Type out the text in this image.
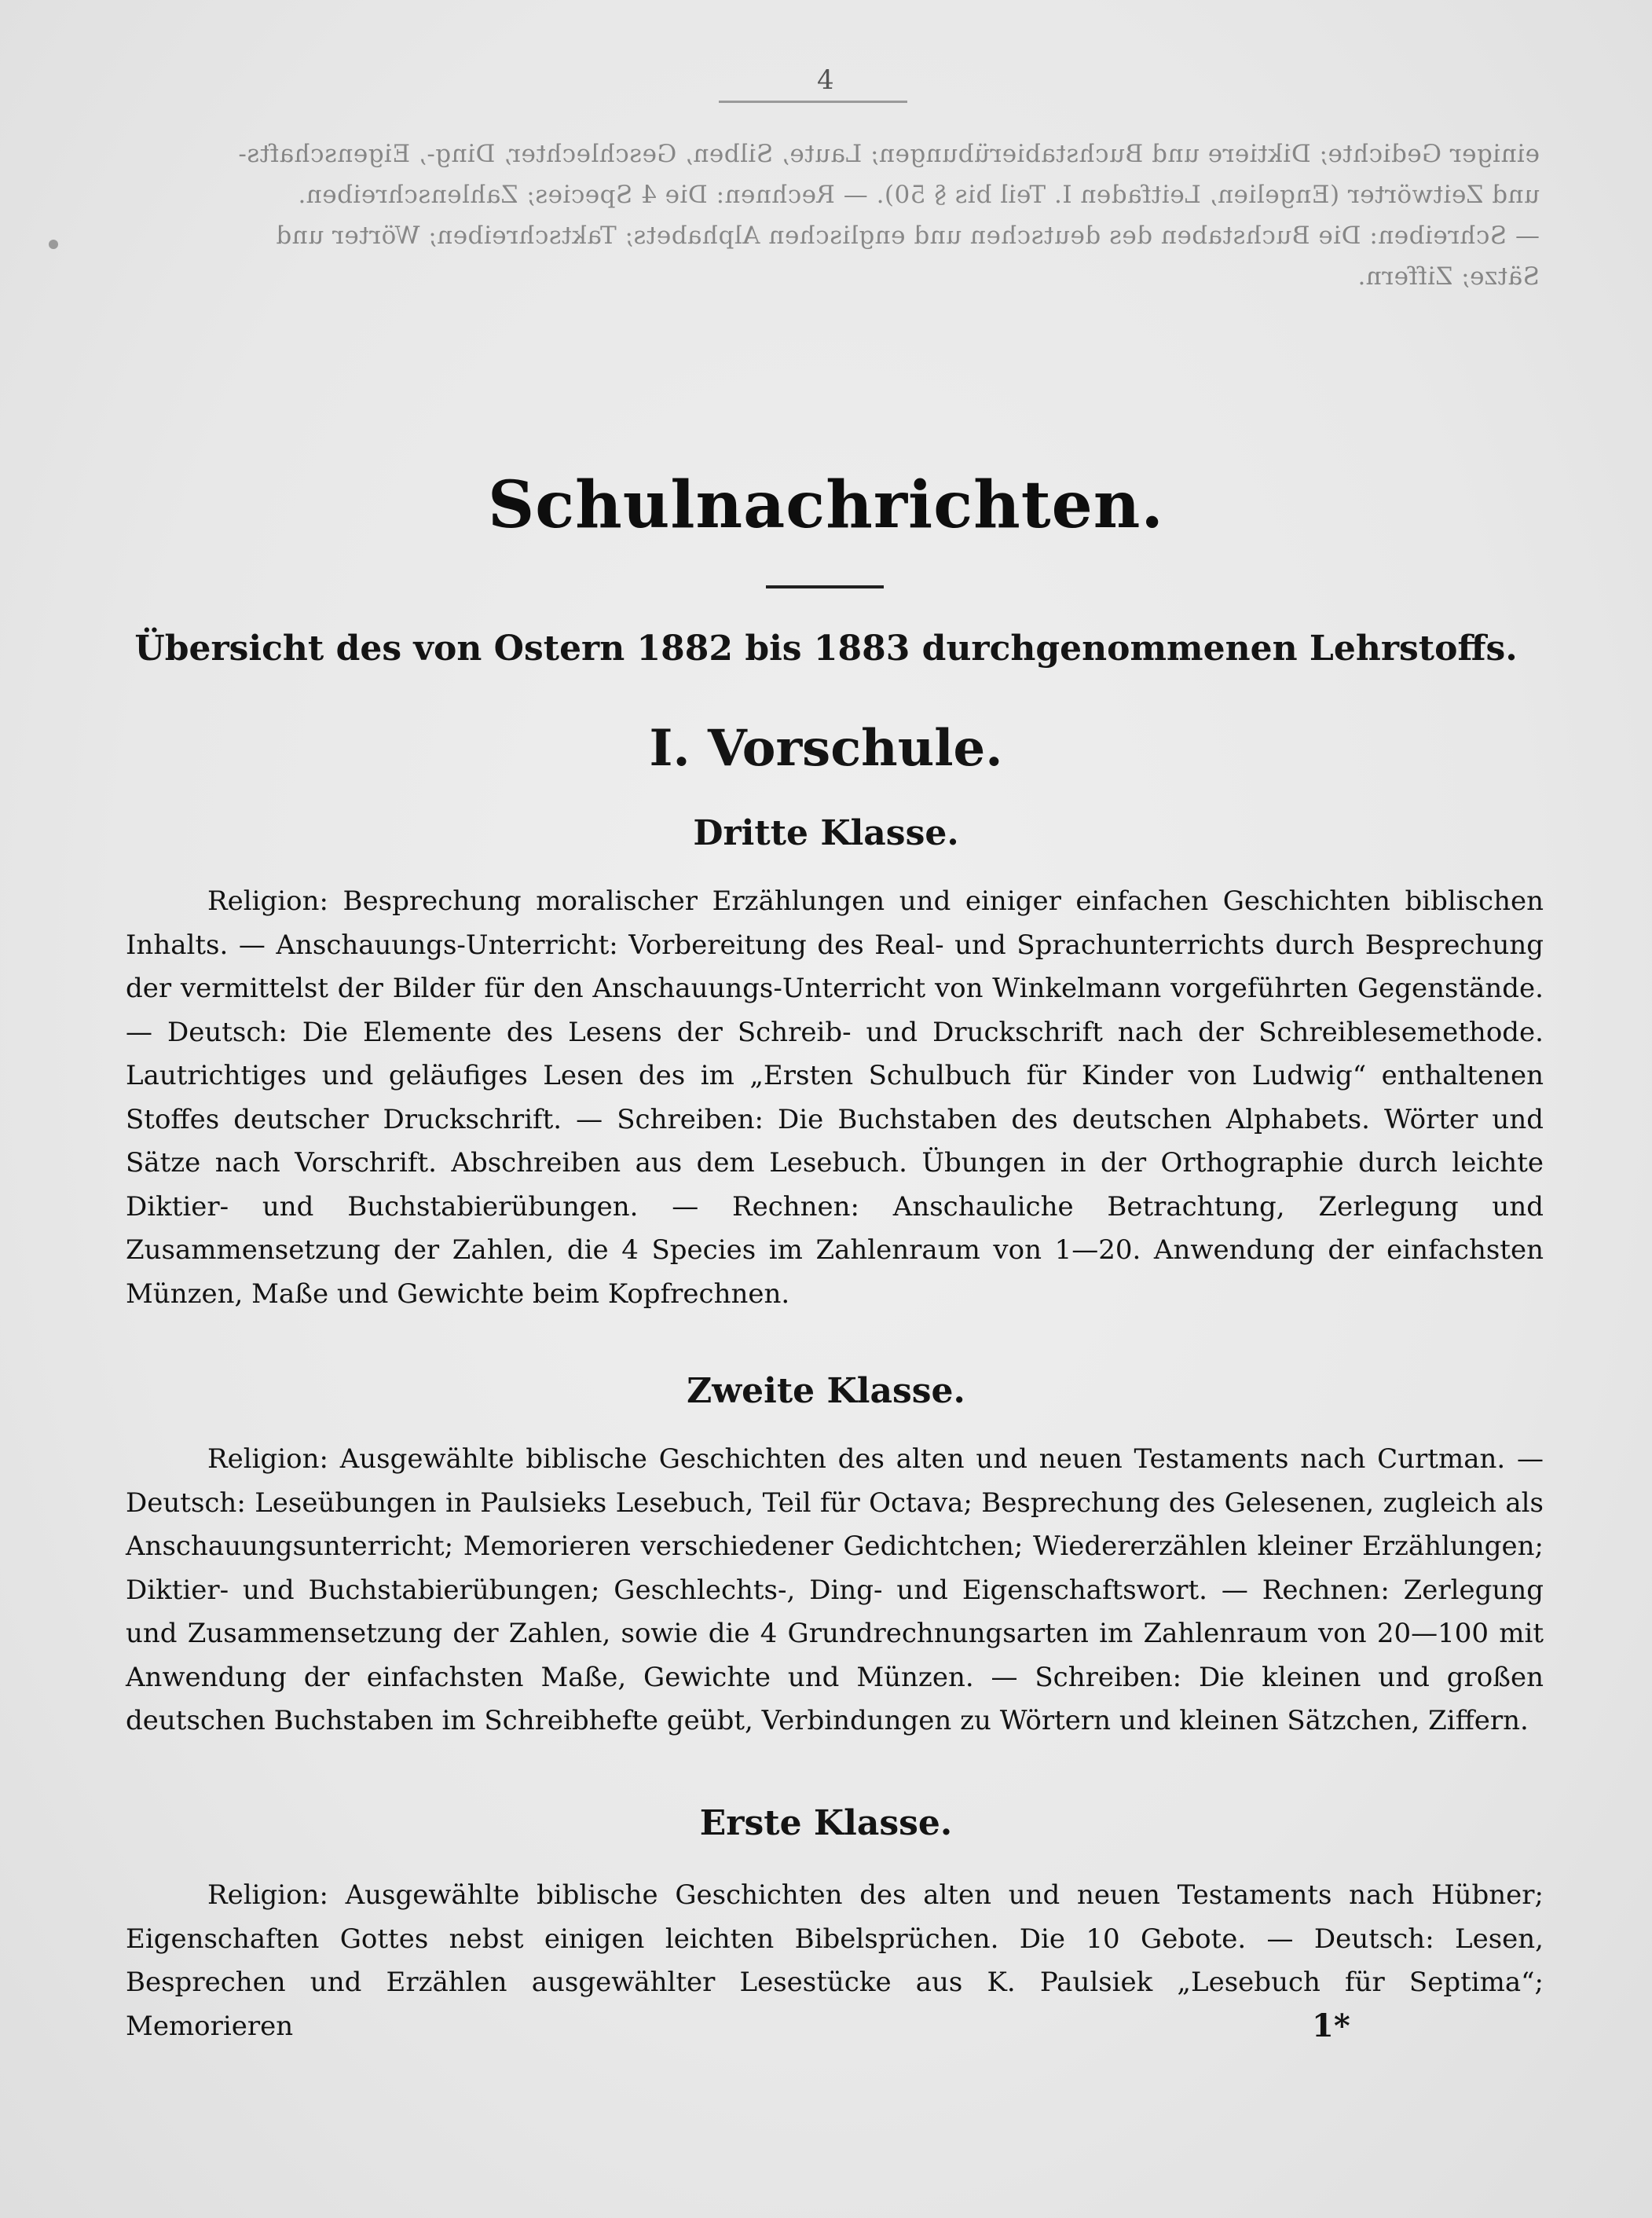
4
einiger Gedichte; Diktiere und Buchstabierübungen; Laute, Silben, Geschlechter, Ding-, Eigenschafts-
und Zeitwörter (Engelien, Leitfaden I. Teil bis § 50). — Rechnen: Die 4 Species; Zahlenschreiben.
— Schreiben: Die Buchstaben des deutschen und englischen Alphabets; Taktschreiben; Wörter und
Sätze; Ziffern.
Schulnachrichten.
Übersicht des von Ostern 1882 bis 1883 durchgenommenen Lehrstoffs.
I. Vorschule.
Dritte Klasse.

Religion: Besprechung moralischer Erzählungen und einiger einfachen Geschichten biblischen Inhalts. — Anschauungs-Unterricht: Vorbereitung des Real- und Sprachunterrichts durch Besprechung der vermittelst der Bilder für den Anschauungs-Unterricht von Winkelmann vorgeführten Gegenstände. — Deutsch: Die Elemente des Lesens der Schreib- und Druckschrift nach der Schreiblesemethode. Lautrichtiges und geläufiges Lesen des im „Ersten Schulbuch für Kinder von Ludwig“ enthaltenen Stoffes deutscher Druckschrift. — Schreiben: Die Buchstaben des deutschen Alphabets. Wörter und Sätze nach Vorschrift. Abschreiben aus dem Lesebuch. Übungen in der Orthographie durch leichte Diktier- und Buchstabierübungen. — Rechnen: Anschauliche Betrachtung, Zerlegung und Zusammensetzung der Zahlen, die 4 Species im Zahlenraum von 1—20. Anwendung der einfachsten Münzen, Maße und Gewichte beim Kopfrechnen.

Zweite Klasse.

Religion: Ausgewählte biblische Geschichten des alten und neuen Testaments nach Curtman. — Deutsch: Leseübungen in Paulsieks Lesebuch, Teil für Octava; Besprechung des Gelesenen, zugleich als Anschauungsunterricht; Memorieren verschiedener Gedichtchen; Wiedererzählen kleiner Erzählungen; Diktier- und Buchstabierübungen; Geschlechts-, Ding- und Eigenschaftswort. — Rechnen: Zerlegung und Zusammensetzung der Zahlen, sowie die 4 Grundrechnungsarten im Zahlenraum von 20—100 mit Anwendung der einfachsten Maße, Gewichte und Münzen. — Schreiben: Die kleinen und großen deutschen Buchstaben im Schreibhefte geübt, Verbindungen zu Wörtern und kleinen Sätzchen, Ziffern.

Erste Klasse.

Religion: Ausgewählte biblische Geschichten des alten und neuen Testaments nach Hübner; Eigenschaften Gottes nebst einigen leichten Bibelsprüchen. Die 10 Gebote. — Deutsch: Lesen, Besprechen und Erzählen ausgewählter Lesestücke aus K. Paulsiek „Lesebuch für Septima“; Memorieren	1*
